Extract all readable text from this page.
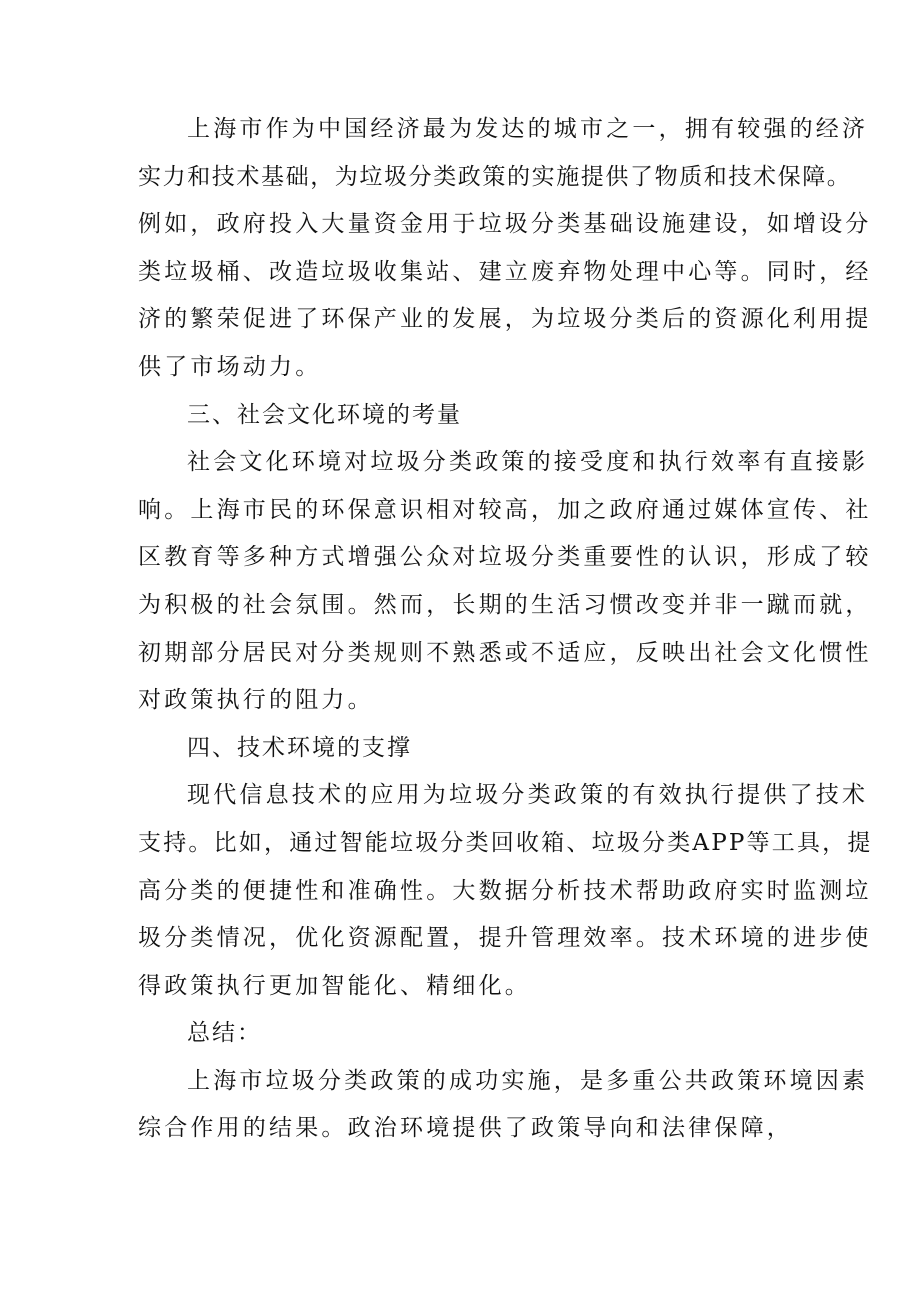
上海市作为中国经济最为发达的城市之一，拥有较强的经济
实力和技术基础，为垃圾分类政策的实施提供了物质和技术保障。
例如，政府投入大量资金用于垃圾分类基础设施建设，如增设分
类垃圾桶、改造垃圾收集站、建立废弃物处理中心等。同时，经
济的繁荣促进了环保产业的发展，为垃圾分类后的资源化利用提
供了市场动力。
三、社会文化环境的考量
社会文化环境对垃圾分类政策的接受度和执行效率有直接影
响。上海市民的环保意识相对较高，加之政府通过媒体宣传、社
区教育等多种方式增强公众对垃圾分类重要性的认识，形成了较
为积极的社会氛围。然而，长期的生活习惯改变并非一蹴而就，
初期部分居民对分类规则不熟悉或不适应，反映出社会文化惯性
对政策执行的阻力。
四、技术环境的支撑
现代信息技术的应用为垃圾分类政策的有效执行提供了技术
支持。比如，通过智能垃圾分类回收箱、垃圾分类APP等工具，提
高分类的便捷性和准确性。大数据分析技术帮助政府实时监测垃
圾分类情况，优化资源配置，提升管理效率。技术环境的进步使
得政策执行更加智能化、精细化。
总结：
上海市垃圾分类政策的成功实施，是多重公共政策环境因素
综合作用的结果。政治环境提供了政策导向和法律保障，
